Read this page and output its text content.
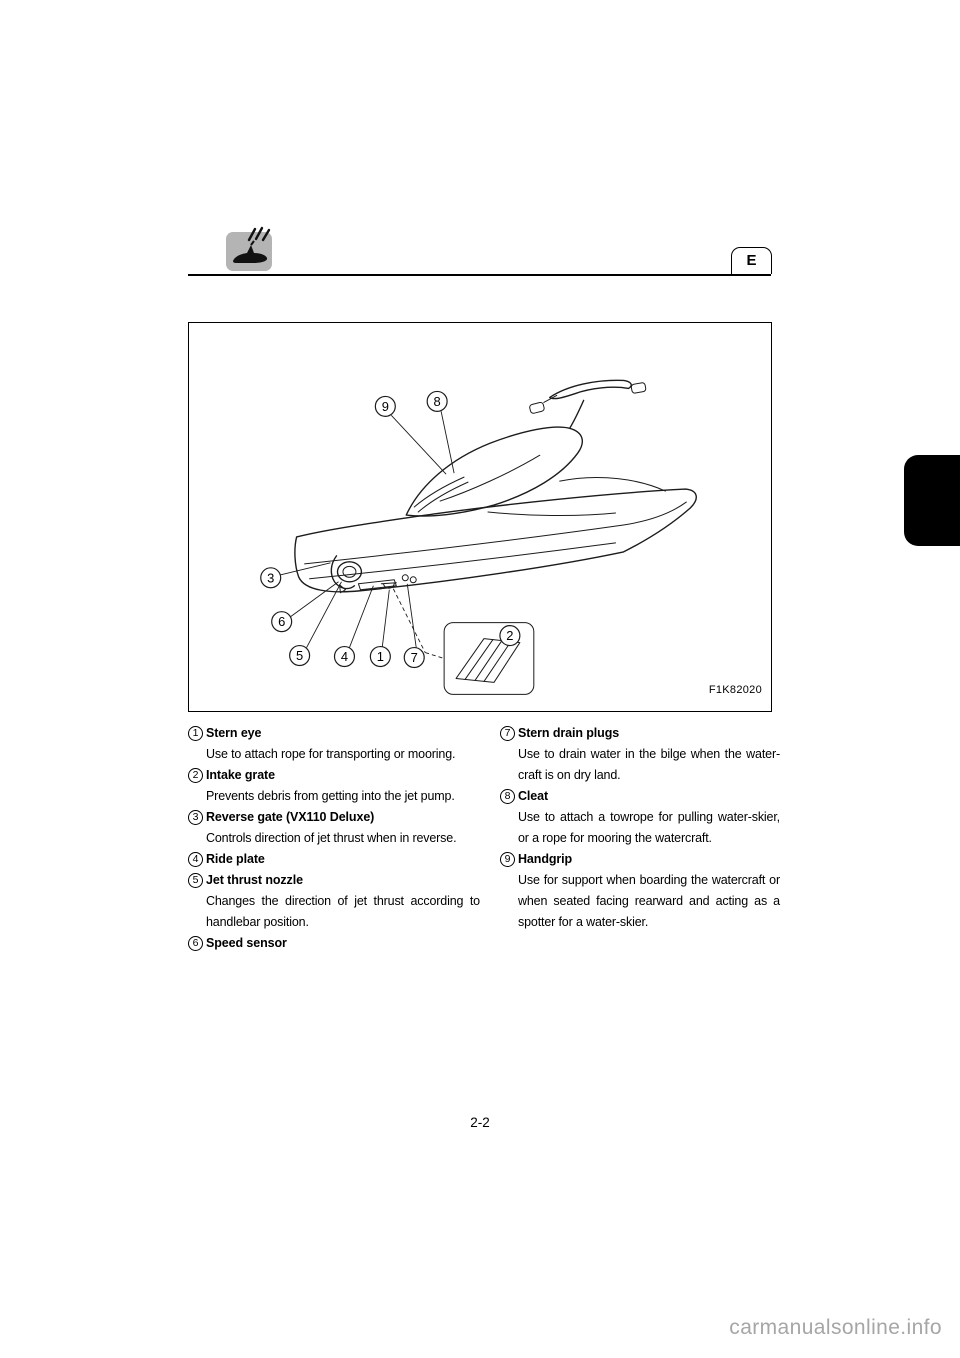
E
9	8
3
6
5	4 1 7
2
F1K82020
1 Stern eye
Use to attach rope for transporting or mooring.
2 Intake grate
Prevents debris from getting into the jet pump.
3 Reverse gate (VX110 Deluxe)
Controls direction of jet thrust when in reverse.
4 Ride plate
5 Jet thrust nozzle
Changes the direction of jet thrust according to handlebar position.
6 Speed sensor
7 Stern drain plugs
Use to drain water in the bilge when the water-craft is on dry land.
8 Cleat
Use to attach a towrope for pulling water-skier, or a rope for mooring the watercraft.
9 Handgrip
Use for support when boarding the watercraft or when seated facing rearward and acting as a spotter for a water-skier.
2-2
carmanualsonline.info
